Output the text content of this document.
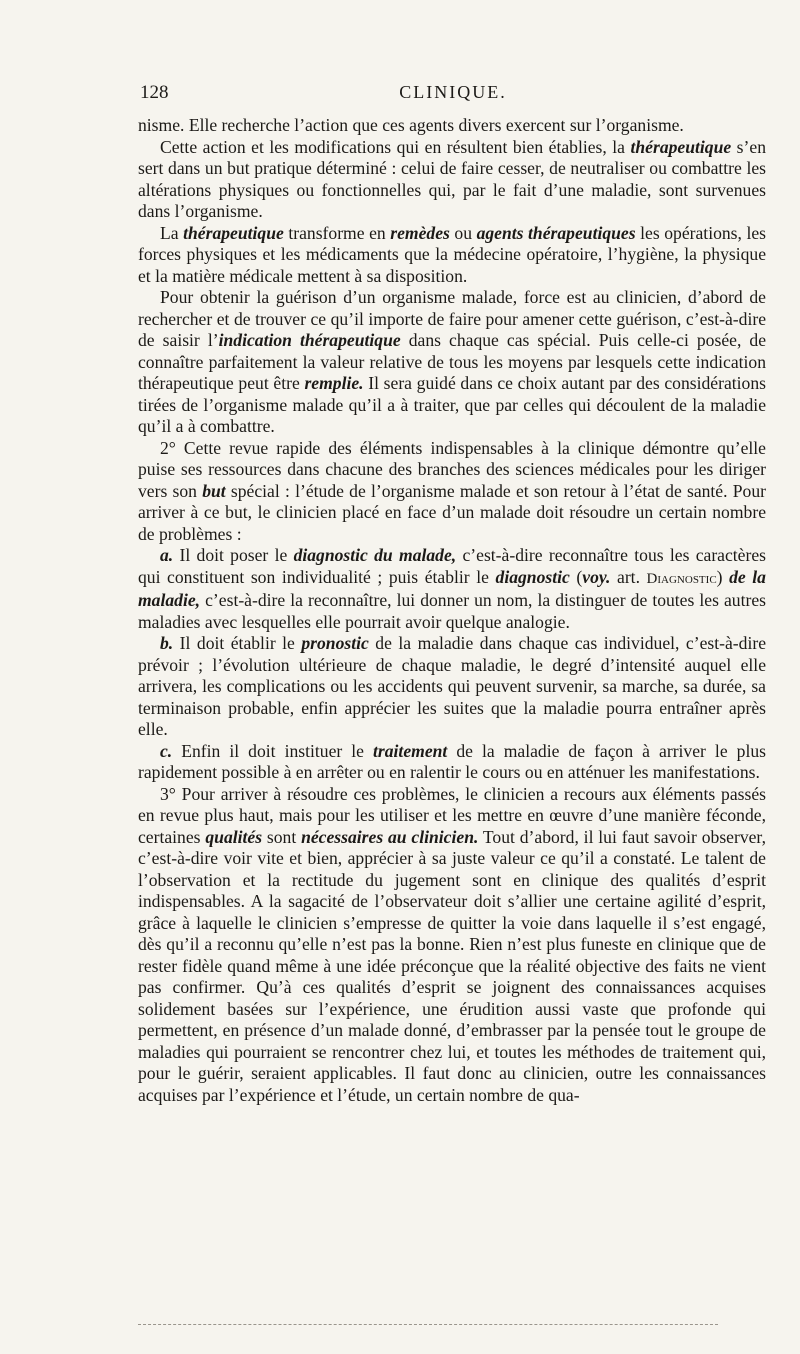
128	CLINIQUE.

nisme. Elle recherche l’action que ces agents divers exercent sur l’organisme.

Cette action et les modifications qui en résultent bien établies, la thérapeutique s’en sert dans un but pratique déterminé : celui de faire cesser, de neutraliser ou combattre les altérations physiques ou fonctionnelles qui, par le fait d’une maladie, sont survenues dans l’organisme.

La thérapeutique transforme en remèdes ou agents thérapeutiques les opérations, les forces physiques et les médicaments que la médecine opératoire, l’hygiène, la physique et la matière médicale mettent à sa disposition.

Pour obtenir la guérison d’un organisme malade, force est au clinicien, d’abord de rechercher et de trouver ce qu’il importe de faire pour amener cette guérison, c’est-à-dire de saisir l’indication thérapeutique dans chaque cas spécial. Puis celle-ci posée, de connaître parfaitement la valeur relative de tous les moyens par lesquels cette indication thérapeutique peut être remplie. Il sera guidé dans ce choix autant par des considérations tirées de l’organisme malade qu’il a à traiter, que par celles qui découlent de la maladie qu’il a à combattre.

2° Cette revue rapide des éléments indispensables à la clinique démontre qu’elle puise ses ressources dans chacune des branches des sciences médicales pour les diriger vers son but spécial : l’étude de l’organisme malade et son retour à l’état de santé. Pour arriver à ce but, le clinicien placé en face d’un malade doit résoudre un certain nombre de problèmes :

a. Il doit poser le diagnostic du malade, c’est-à-dire reconnaître tous les caractères qui constituent son individualité ; puis établir le diagnostic (voy. art. Diagnostic) de la maladie, c’est-à-dire la reconnaître, lui donner un nom, la distinguer de toutes les autres maladies avec lesquelles elle pourrait avoir quelque analogie.

b. Il doit établir le pronostic de la maladie dans chaque cas individuel, c’est-à-dire prévoir ; l’évolution ultérieure de chaque maladie, le degré d’intensité auquel elle arrivera, les complications ou les accidents qui peuvent survenir, sa marche, sa durée, sa terminaison probable, enfin apprécier les suites que la maladie pourra entraîner après elle.

c. Enfin il doit instituer le traitement de la maladie de façon à arriver le plus rapidement possible à en arrêter ou en ralentir le cours ou en atténuer les manifestations.

3° Pour arriver à résoudre ces problèmes, le clinicien a recours aux éléments passés en revue plus haut, mais pour les utiliser et les mettre en œuvre d’une manière féconde, certaines qualités sont nécessaires au clinicien. Tout d’abord, il lui faut savoir observer, c’est-à-dire voir vite et bien, apprécier à sa juste valeur ce qu’il a constaté. Le talent de l’observation et la rectitude du jugement sont en clinique des qualités d’esprit indispensables. A la sagacité de l’observateur doit s’allier une certaine agilité d’esprit, grâce à laquelle le clinicien s’empresse de quitter la voie dans laquelle il s’est engagé, dès qu’il a reconnu qu’elle n’est pas la bonne. Rien n’est plus funeste en clinique que de rester fidèle quand même à une idée préconçue que la réalité objective des faits ne vient pas confirmer. Qu’à ces qualités d’esprit se joignent des connaissances acquises solidement basées sur l’expérience, une érudition aussi vaste que profonde qui permettent, en présence d’un malade donné, d’embrasser par la pensée tout le groupe de maladies qui pourraient se rencontrer chez lui, et toutes les méthodes de traitement qui, pour le guérir, seraient applicables. Il faut donc au clinicien, outre les connaissances acquises par l’expérience et l’étude, un certain nombre de qua-
